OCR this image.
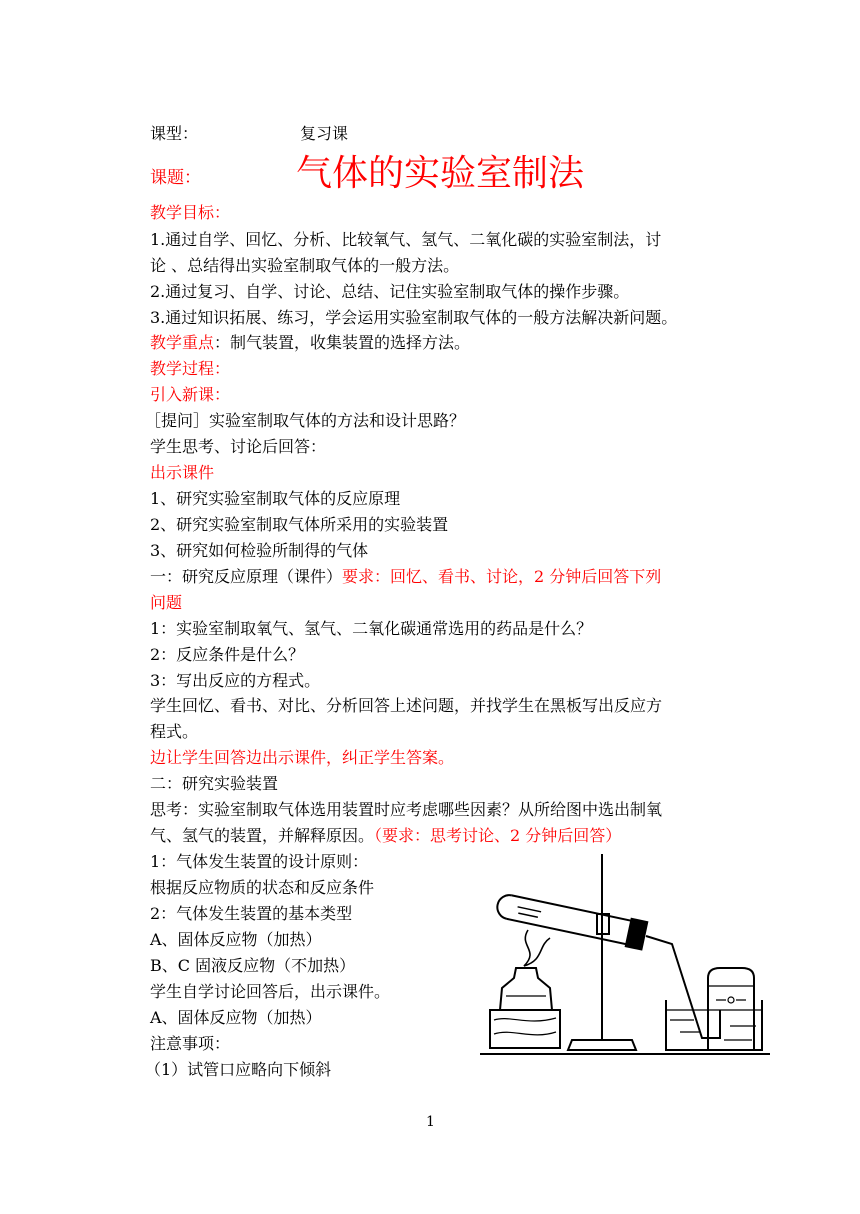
课型：	复习课
课题：	气体的实验室制法
教学目标：
1.通过自学、回忆、分析、比较氧气、氢气、二氧化碳的实验室制法，讨
论 、总结得出实验室制取气体的一般方法。
2.通过复习、自学、讨论、总结、记住实验室制取气体的操作步骤。
3.通过知识拓展、练习，学会运用实验室制取气体的一般方法解决新问题。
教学重点：制气装置，收集装置的选择方法。
教学过程：
引入新课：
［提问］实验室制取气体的方法和设计思路？
学生思考、讨论后回答：
出示课件
1、研究实验室制取气体的反应原理
2、研究实验室制取气体所采用的实验装置
3、研究如何检验所制得的气体
一：研究反应原理（课件）要求：回忆、看书、讨论，2 分钟后回答下列
问题
1：实验室制取氧气、氢气、二氧化碳通常选用的药品是什么？
2：反应条件是什么？
3：写出反应的方程式。
学生回忆、看书、对比、分析回答上述问题，并找学生在黑板写出反应方
程式。
边让学生回答边出示课件，纠正学生答案。
二：研究实验装置
思考：实验室制取气体选用装置时应考虑哪些因素？从所给图中选出制氧
气、氢气的装置，并解释原因。（要求：思考讨论、2 分钟后回答）
1：气体发生装置的设计原则：
根据反应物质的状态和反应条件
2：气体发生装置的基本类型
A、固体反应物（加热）
B、C 固液反应物（不加热）
学生自学讨论回答后，出示课件。
A、固体反应物（加热）
注意事项：
（1）试管口应略向下倾斜
1
